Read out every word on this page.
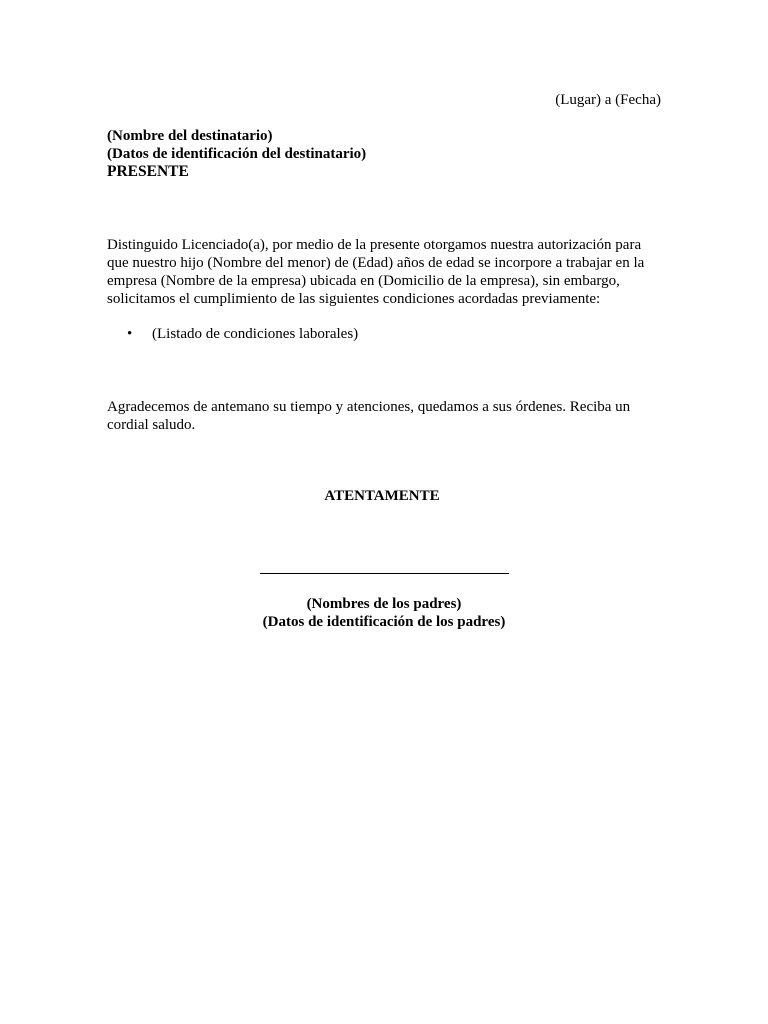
(Lugar) a (Fecha)
(Nombre del destinatario)
(Datos de identificación del destinatario)
PRESENTE
Distinguido Licenciado(a), por medio de la presente otorgamos nuestra autorización para
que nuestro hijo (Nombre del menor) de (Edad) años de edad se incorpore a trabajar en la
empresa (Nombre de la empresa) ubicada en (Domicilio de la empresa), sin embargo,
solicitamos el cumplimiento de las siguientes condiciones acordadas previamente:
• (Listado de condiciones laborales)
Agradecemos de antemano su tiempo y atenciones, quedamos a sus órdenes. Reciba un
cordial saludo.
ATENTAMENTE
(Nombres de los padres)
(Datos de identificación de los padres)
